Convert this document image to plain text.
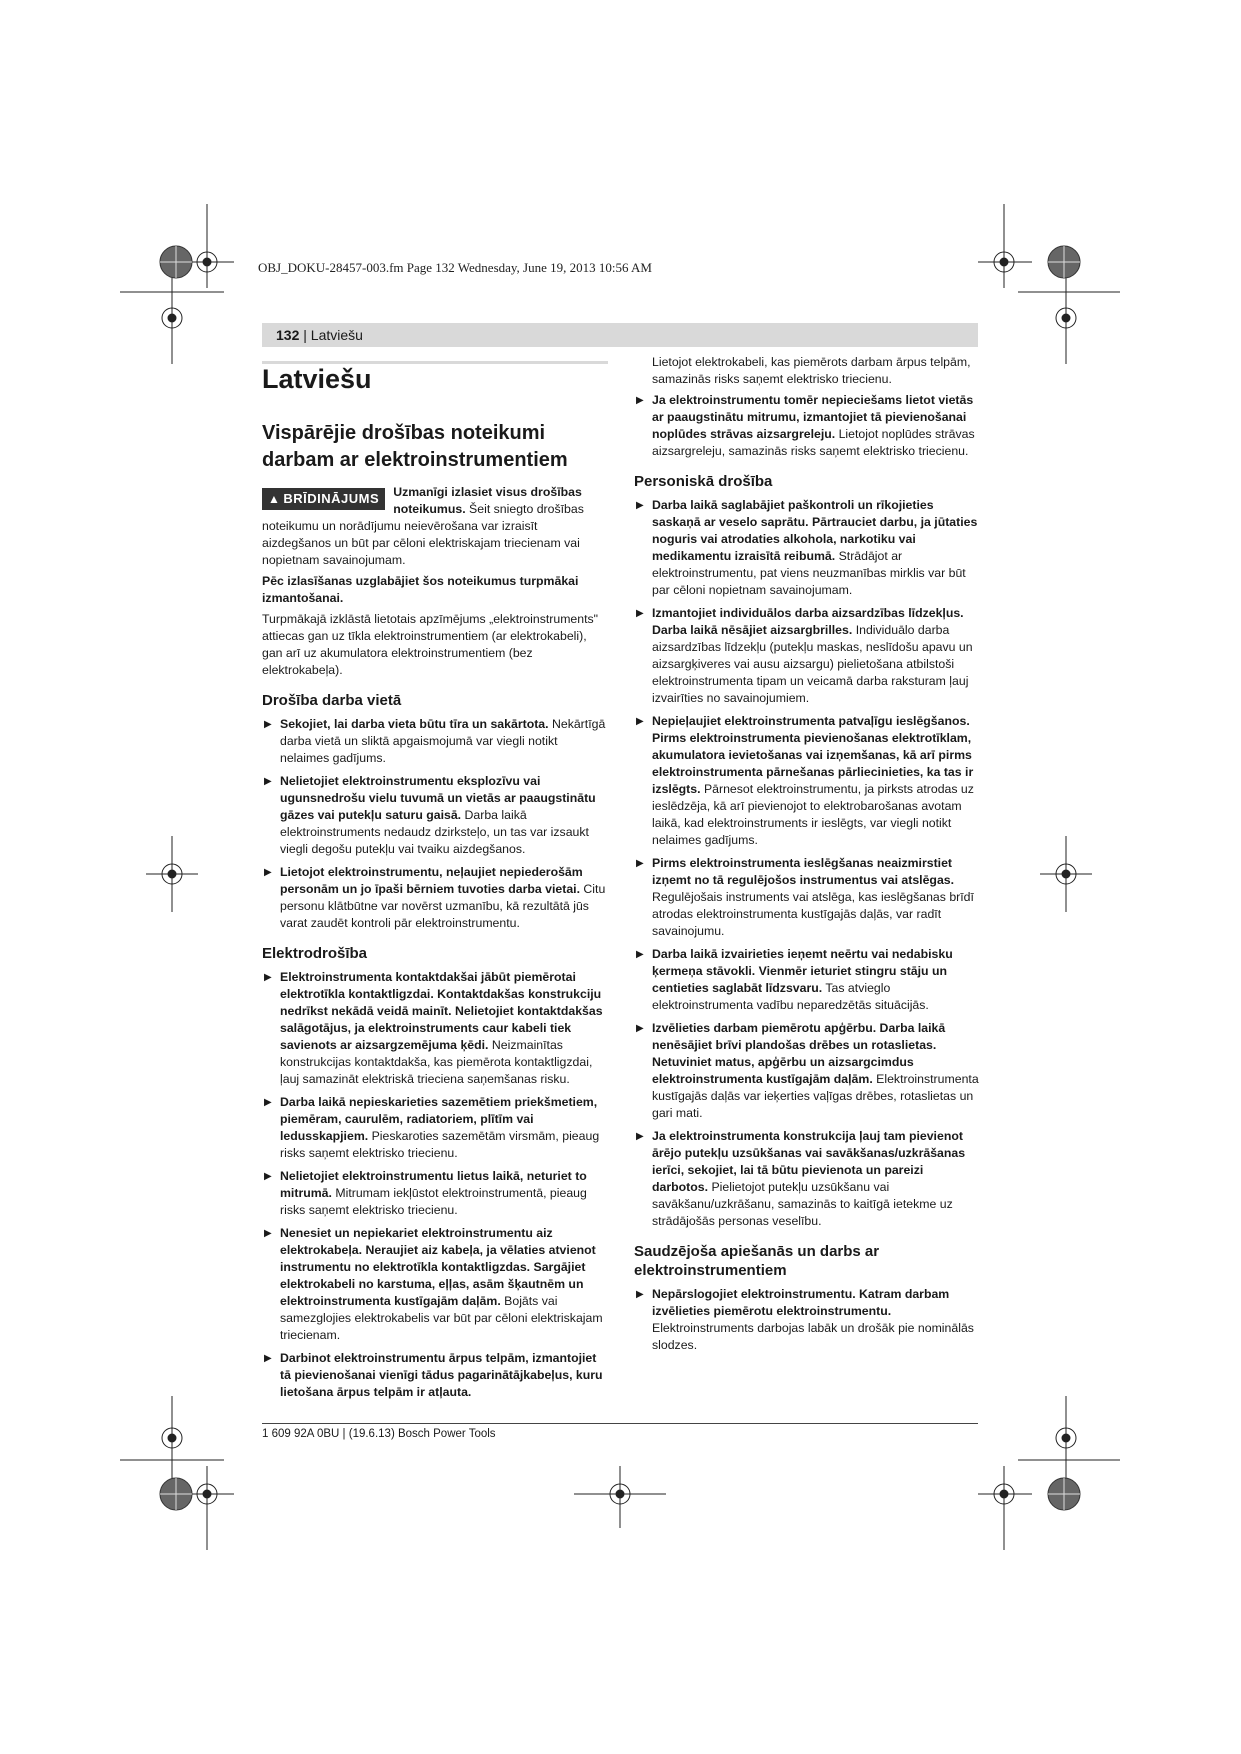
OBJ_DOKU-28457-003.fm Page 132 Wednesday, June 19, 2013 10:56 AM
132 | Latviešu
Latviešu
Vispārējie drošības noteikumi darbam ar elektroinstrumentiem
▲ BRĪDINĀJUMS	Uzmanīgi izlasiet visus drošības noteikumus. Šeit sniegto drošības noteikumu un norādījumu neievērošana var izraisīt aizdegšanos un būt par cēloni elektriskajam triecienam vai nopietnam savainojumam.

Pēc izlasīšanas uzglabājiet šos noteikumus turpmākai izmantošanai.

Turpmākajā izklāstā lietotais apzīmējums „elektroinstruments" attiecas gan uz tīkla elektroinstrumentiem (ar elektrokabeli), gan arī uz akumulatora elektroinstrumentiem (bez elektrokabeļa).

Drošība darba vietā
▶ Sekojiet, lai darba vieta būtu tīra un sakārtota. Nekārtīgā darba vietā un sliktā apgaismojumā var viegli notikt nelaimes gadījums.
▶ Nelietojiet elektroinstrumentu eksplozīvu vai ugunsnedrošu vielu tuvumā un vietās ar paaugstinātu gāzes vai putekļu saturu gaisā. Darba laikā elektroinstruments nedaudz dzirksteļo, un tas var izsaukt viegli degošu putekļu vai tvaiku aizdegšanos.
▶ Lietojot elektroinstrumentu, neļaujiet nepiederošām personām un jo īpaši bērniem tuvoties darba vietai. Citu personu klātbūtne var novērst uzmanību, kā rezultātā jūs varat zaudēt kontroli pār elektroinstrumentu.
Elektrodrošība
▶ Elektroinstrumenta kontaktdakšai jābūt piemērotai elektrotīkla kontaktligzdai. Kontaktdakšas konstrukciju nedrīkst nekādā veidā mainīt. Nelietojiet kontaktdakšas salāgotājus, ja elektroinstruments caur kabeli tiek savienots ar aizsargzemējuma ķēdi. Neizmainītas konstrukcijas kontaktdakša, kas piemērota kontaktligzdai, ļauj samazināt elektriskā trieciena saņemšanas risku.
▶ Darba laikā nepieskarieties sazemētiem priekšmetiem, piemēram, caurulēm, radiatoriem, plītīm vai ledusskapjiem. Pieskaroties sazemētām virsmām, pieaug risks saņemt elektrisko triecienu.
▶ Nelietojiet elektroinstrumentu lietus laikā, neturiet to mitrumā. Mitrumam iekļūstot elektroinstrumentā, pieaug risks saņemt elektrisko triecienu.
▶ Nenesiet un nepiekariet elektroinstrumentu aiz elektrokabeļa. Neraujiet aiz kabeļa, ja vēlaties atvienot instrumentu no elektrotīkla kontaktligzdas. Sargājiet elektrokabeli no karstuma, eļļas, asām šķautnēm un elektroinstrumenta kustīgajām daļām. Bojāts vai samezglojies elektrokabelis var būt par cēloni elektriskajam triecienam.
▶ Darbinot elektroinstrumentu ārpus telpām, izmantojiet tā pievienošanai vienīgi tādus pagarinātājkabeļus, kuru lietošana ārpus telpām ir atļauta.

Lietojot elektrokabeli, kas piemērots darbam ārpus telpām, samazinās risks saņemt elektrisko triecienu.

▶ Ja elektroinstrumentu tomēr nepieciešams lietot vietās ar paaugstinātu mitrumu, izmantojiet tā pievienošanai noplūdes strāvas aizsargreleju. Lietojot noplūdes strāvas aizsargreleju, samazinās risks saņemt elektrisko triecienu.
Personiskā drošība
▶ Darba laikā saglabājiet paškontroli un rīkojieties saskaņā ar veselo saprātu. Pārtrauciet darbu, ja jūtaties noguris vai atrodaties alkohola, narkotiku vai medikamentu izraisītā reibumā. Strādājot ar elektroinstrumentu, pat viens neuzmanības mirklis var būt par cēloni nopietnam savainojumam.
▶ Izmantojiet individuālos darba aizsardzības līdzekļus. Darba laikā nēsājiet aizsargbrilles. Individuālo darba aizsardzības līdzekļu (putekļu maskas, neslīdošu apavu un aizsargķiveres vai ausu aizsargu) pielietošana atbilstoši elektroinstrumenta tipam un veicamā darba raksturam ļauj izvairīties no savainojumiem.
▶ Nepieļaujiet elektroinstrumenta patvaļīgu ieslēgšanos. Pirms elektroinstrumenta pievienošanas elektrotīklam, akumulatora ievietošanas vai izņemšanas, kā arī pirms elektroinstrumenta pārnešanas pārliecinieties, ka tas ir izslēgts. Pārnesot elektroinstrumentu, ja pirksts atrodas uz ieslēdzēja, kā arī pievienojot to elektrobarošanas avotam laikā, kad elektroinstruments ir ieslēgts, var viegli notikt nelaimes gadījums.
▶ Pirms elektroinstrumenta ieslēgšanas neaizmirstiet izņemt no tā regulējošos instrumentus vai atslēgas. Regulējošais instruments vai atslēga, kas ieslēgšanas brīdī atrodas elektroinstrumenta kustīgajās daļās, var radīt savainojumu.
▶ Darba laikā izvairieties ieņemt neērtu vai nedabisku ķermeņa stāvokli. Vienmēr ieturiet stingru stāju un centieties saglabāt līdzsvaru. Tas atvieglo elektroinstrumenta vadību neparedzētās situācijās.
▶ Izvēlieties darbam piemērotu apģērbu. Darba laikā nenēsājiet brīvi plandošas drēbes un rotaslietas. Netuviniet matus, apģērbu un aizsargcimdus elektroinstrumenta kustīgajām daļām. Elektroinstrumenta kustīgajās daļās var ieķerties vaļīgas drēbes, rotaslietas un gari mati.
▶ Ja elektroinstrumenta konstrukcija ļauj tam pievienot ārējo putekļu uzsūkšanas vai savākšanas/uzkrāšanas ierīci, sekojiet, lai tā būtu pievienota un pareizi darbotos. Pielietojot putekļu uzsūkšanu vai savākšanu/uzkrāšanu, samazinās to kaitīgā ietekme uz strādājošās personas veselību.
Saudzējoša apiešanās un darbs ar elektroinstrumentiem
▶ Nepārslogojiet elektroinstrumentu. Katram darbam izvēlieties piemērotu elektroinstrumentu. Elektroinstruments darbojas labāk un drošāk pie nominālās slodzes.
1 609 92A 0BU | (19.6.13) Bosch Power Tools
